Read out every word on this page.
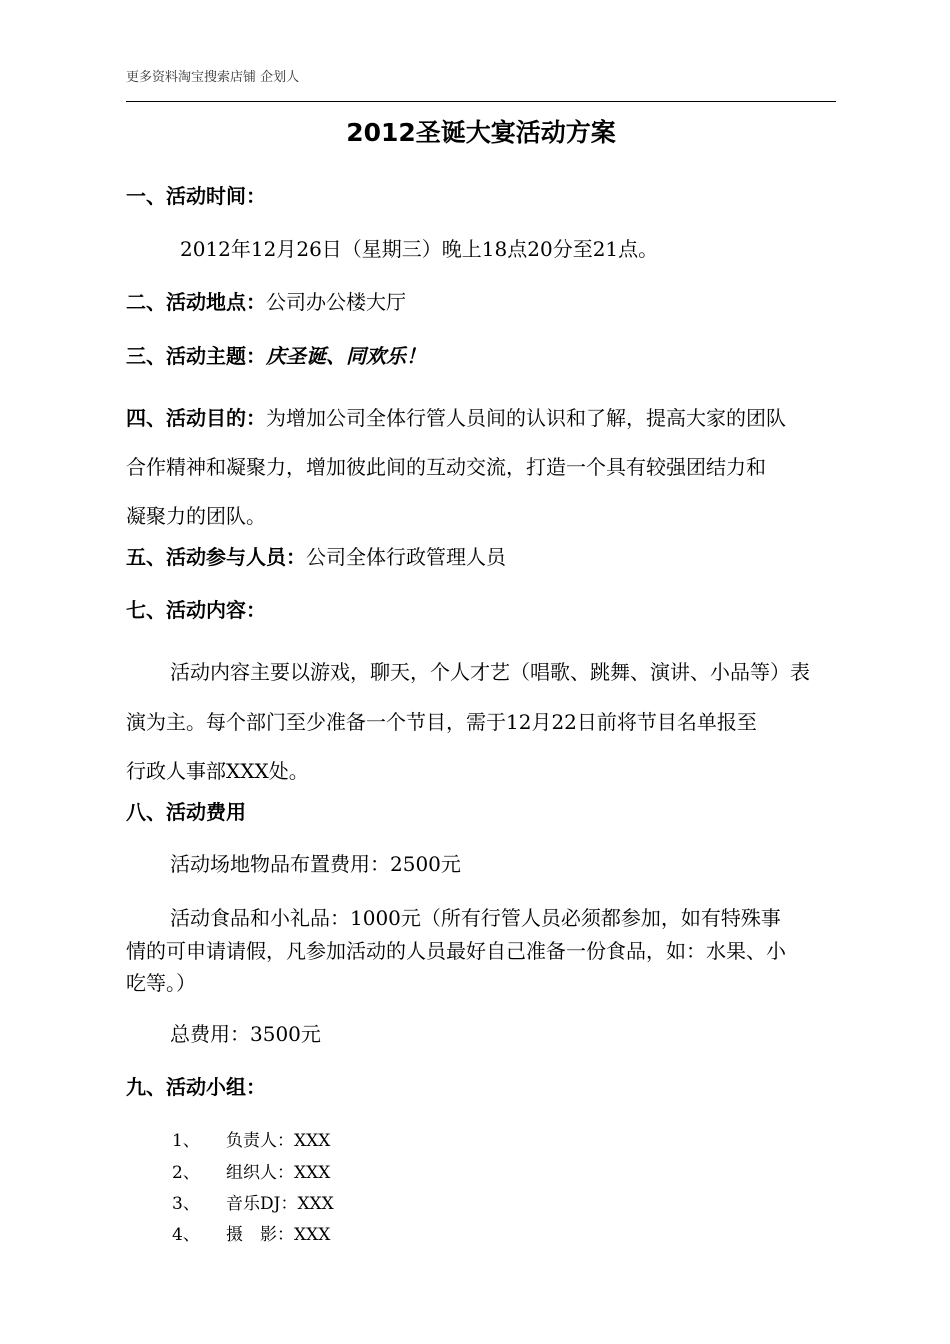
更多资料淘宝搜索店铺 企划人
2012圣诞大宴活动方案
一、活动时间：
2012年12月26日（星期三）晚上18点20分至21点。
二、活动地点：公司办公楼大厅
三、活动主题：庆圣诞、同欢乐！
四、活动目的：为增加公司全体行管人员间的认识和了解，提高大家的团队
合作精神和凝聚力，增加彼此间的互动交流，打造一个具有较强团结力和
凝聚力的团队。
五、活动参与人员：公司全体行政管理人员
七、活动内容：
活动内容主要以游戏，聊天，个人才艺（唱歌、跳舞、演讲、小品等）表
演为主。每个部门至少准备一个节目，需于12月22日前将节目名单报至
行政人事部XXX处。
八、活动费用
活动场地物品布置费用：2500元
活动食品和小礼品：1000元（所有行管人员必须都参加，如有特殊事
情的可申请请假，凡参加活动的人员最好自己准备一份食品，如：水果、小
吃等。）
总费用：3500元
九、活动小组：
1、 负责人：XXX
2、 组织人：XXX
3、 音乐DJ：XXX
4、 摄　影：XXX
